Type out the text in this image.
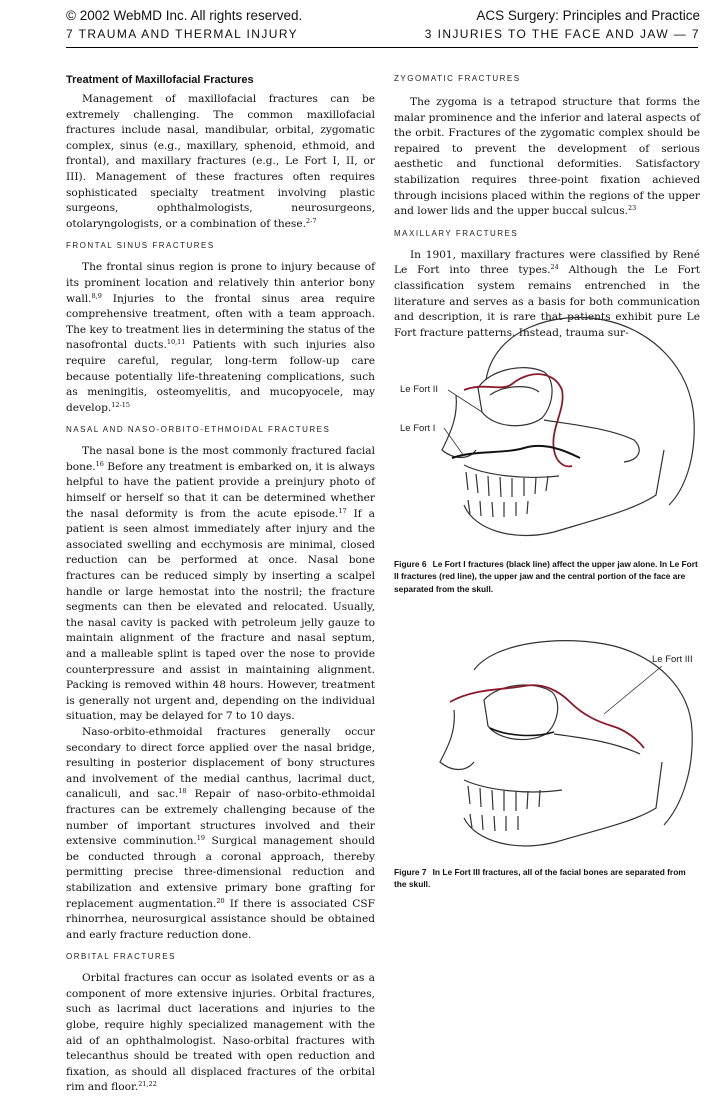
© 2002 WebMD Inc. All rights reserved.	ACS Surgery: Principles and Practice
7 TRAUMA AND THERMAL INJURY	3 INJURIES TO THE FACE AND JAW — 7
Treatment of Maxillofacial Fractures

Management of maxillofacial fractures can be extremely challenging. The common maxillofacial fractures include nasal, mandibular, orbital, zygomatic complex, sinus (e.g., maxillary, sphenoid, ethmoid, and frontal), and maxillary fractures (e.g., Le Fort I, II, or III). Management of these fractures often requires sophisticated specialty treatment involving plastic surgeons, ophthalmologists, neurosurgeons, otolaryngologists, or a combination of these.$^{2-7}$

FRONTAL SINUS FRACTURES

The frontal sinus region is prone to injury because of its prominent location and relatively thin anterior bony wall.$^{8,9}$ Injuries to the frontal sinus area require comprehensive treatment, often with a team approach. The key to treatment lies in determining the status of the nasofrontal ducts.$^{10,11}$ Patients with such injuries also require careful, regular, long-term follow-up care because potentially life-threatening complications, such as meningitis, osteomyelitis, and mucopyocele, may develop.$^{12-15}$

NASAL AND NASO-ORBITO-ETHMOIDAL FRACTURES

The nasal bone is the most commonly fractured facial bone.$^{16}$ Before any treatment is embarked on, it is always helpful to have the patient provide a preinjury photo of himself or herself so that it can be determined whether the nasal deformity is from the acute episode.$^{17}$ If a patient is seen almost immediately after injury and the associated swelling and ecchymosis are minimal, closed reduction can be performed at once. Nasal bone fractures can be reduced simply by inserting a scalpel handle or large hemostat into the nostril; the fracture segments can then be elevated and relocated. Usually, the nasal cavity is packed with petroleum jelly gauze to maintain alignment of the fracture and nasal septum, and a malleable splint is taped over the nose to provide counterpressure and assist in maintaining alignment. Packing is removed within 48 hours. However, treatment is generally not urgent and, depending on the individual situation, may be delayed for 7 to 10 days.

Naso-orbito-ethmoidal fractures generally occur secondary to direct force applied over the nasal bridge, resulting in posterior displacement of bony structures and involvement of the medial canthus, lacrimal duct, canaliculi, and sac.$^{18}$ Repair of naso-orbito-ethmoidal fractures can be extremely challenging because of the number of important structures involved and their extensive comminution.$^{19}$ Surgical management should be conducted through a coronal approach, thereby permitting precise three-dimensional reduction and stabilization and extensive primary bone grafting for replacement augmentation.$^{20}$ If there is associated CSF rhinorrhea, neurosurgical assistance should be obtained and early fracture reduction done.

ORBITAL FRACTURES

Orbital fractures can occur as isolated events or as a component of more extensive injuries. Orbital fractures, such as lacrimal duct lacerations and injuries to the globe, require highly specialized management with the aid of an ophthalmologist. Naso-orbital fractures with telecanthus should be treated with open reduction and fixation, as should all displaced fractures of the orbital rim and floor.$^{21,22}$

ZYGOMATIC FRACTURES

The zygoma is a tetrapod structure that forms the malar prominence and the inferior and lateral aspects of the orbit. Fractures of the zygomatic complex should be repaired to prevent the development of serious aesthetic and functional deformities. Satisfactory stabilization requires three-point fixation achieved through incisions placed within the regions of the upper and lower lids and the upper buccal sulcus.$^{23}$

MAXILLARY FRACTURES

In 1901, maxillary fractures were classified by René Le Fort into three types.$^{24}$ Although the Le Fort classification system remains entrenched in the literature and serves as a basis for both communication and description, it is rare that patients exhibit pure Le Fort fracture patterns. Instead, trauma sur-

Le Fort II
Le Fort I
Figure 6 Le Fort I fractures (black line) affect the upper jaw alone. In Le Fort II fractures (red line), the upper jaw and the central portion of the face are separated from the skull.
Le Fort III
Figure 7 In Le Fort III fractures, all of the facial bones are separated from the skull.
